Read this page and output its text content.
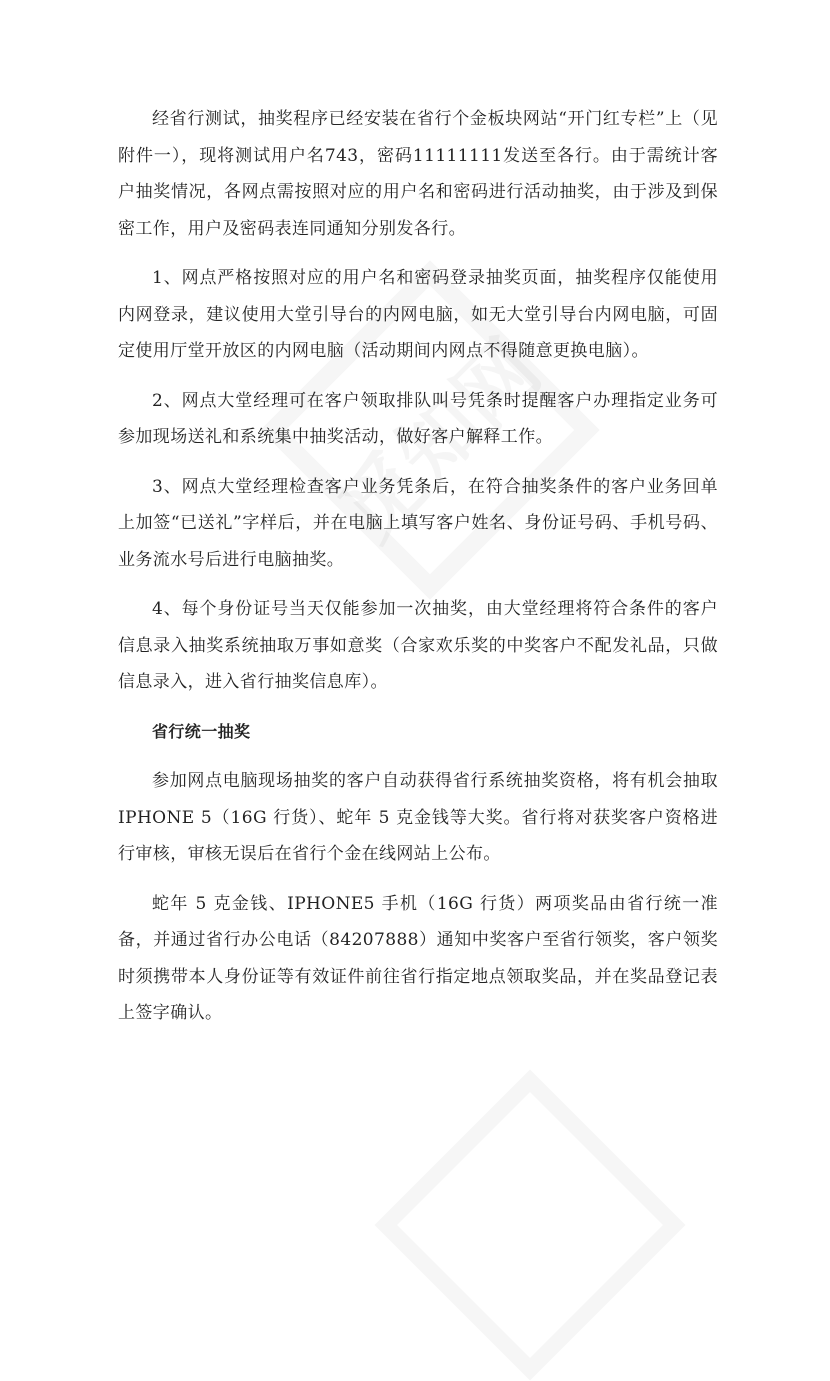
经省行测试，抽奖程序已经安装在省行个金板块网站“开门红专栏”上（见附件一），现将测试用户名743，密码11111111发送至各行。由于需统计客户抽奖情况，各网点需按照对应的用户名和密码进行活动抽奖，由于涉及到保密工作，用户及密码表连同通知分别发各行。

1、网点严格按照对应的用户名和密码登录抽奖页面，抽奖程序仅能使用内网登录，建议使用大堂引导台的内网电脑，如无大堂引导台内网电脑，可固定使用厅堂开放区的内网电脑（活动期间内网点不得随意更换电脑）。

2、网点大堂经理可在客户领取排队叫号凭条时提醒客户办理指定业务可参加现场送礼和系统集中抽奖活动，做好客户解释工作。

3、网点大堂经理检查客户业务凭条后，在符合抽奖条件的客户业务回单上加签“已送礼”字样后，并在电脑上填写客户姓名、身份证号码、手机号码、业务流水号后进行电脑抽奖。

4、每个身份证号当天仅能参加一次抽奖，由大堂经理将符合条件的客户信息录入抽奖系统抽取万事如意奖（合家欢乐奖的中奖客户不配发礼品，只做信息录入，进入省行抽奖信息库）。

省行统一抽奖

参加网点电脑现场抽奖的客户自动获得省行系统抽奖资格，将有机会抽取IPHONE 5（16G 行货）、蛇年 5 克金钱等大奖。省行将对获奖客户资格进行审核，审核无误后在省行个金在线网站上公布。

蛇年 5 克金钱、IPHONE5 手机（16G 行货）两项奖品由省行统一准备，并通过省行办公电话（84207888）通知中奖客户至省行领奖，客户领奖时须携带本人身份证等有效证件前往省行指定地点领取奖品，并在奖品登记表上签字确认。
